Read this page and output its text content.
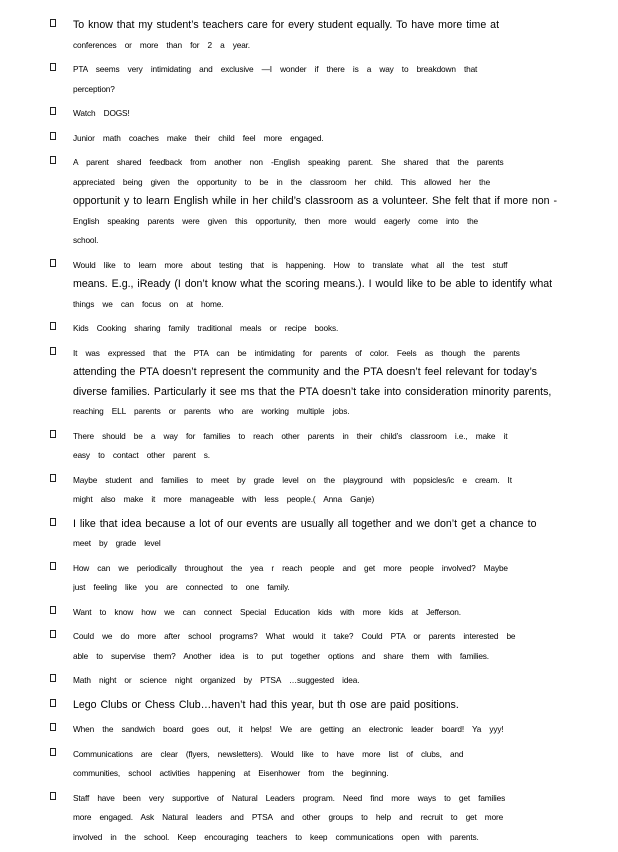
To know that my student’s teachers care for every student equally. To have more time at
conferences or more than for 2 a year.
PTA seems very intimidating and exclusive —I wonder if there is a way to breakdown that
perception?
Watch DOGS!
Junior math coaches make their child feel more engaged.
A parent shared feedback from another non -English speaking parent. She shared that the parents
appreciated being given the opportunity to be in the classroom her child. This allowed her the
opportunit y to learn English while in her child’s classroom as a volunteer. She felt that if more non -
English speaking parents were given this opportunity, then more would eagerly come into the
school.
Would like to learn more about testing that is happening. How to translate what all the test stuff
means. E.g., iReady (I don’t know what the scoring means.). I would like to be able to identify what
things we can focus on at home.
Kids Cooking sharing family traditional meals or recipe books.
It was expressed that the PTA can be intimidating for parents of color. Feels as though the parents
attending the PTA doesn’t represent the community and the PTA doesn’t feel relevant for today’s
diverse families. Particularly it see ms that the PTA doesn’t take into consideration minority parents,
reaching ELL parents or parents who are working multiple jobs.
There should be a way for families to reach other parents in their child’s classroom i.e., make it
easy to contact other parent s.
Maybe student and families to meet by grade level on the playground with popsicles/ic e cream. It
might also make it more manageable with less people.( Anna Ganje)
I like that idea because a lot of our events are usually all together and we don’t get a chance to
meet by grade level
How can we periodically throughout the yea r reach people and get more people involved? Maybe
just feeling like you are connected to one family.
Want to know how we can connect Special Education kids with more kids at Jefferson.
Could we do more after school programs? What would it take? Could PTA or parents interested be
able to supervise them? Another idea is to put together options and share them with families.
Math night or science night organized by PTSA …suggested idea.
Lego Clubs or Chess Club…haven’t had this year, but th ose are paid positions.
When the sandwich board goes out, it helps! We are getting an electronic leader board! Ya yyy!
Communications are clear (flyers, newsletters). Would like to have more list of clubs, and
communities, school activities happening at Eisenhower from the beginning.
Staff have been very supportive of Natural Leaders program. Need find more ways to get families
more engaged. Ask Natural leaders and PTSA and other groups to help and recruit to get more
involved in the school. Keep encouraging teachers to keep communications open with parents.
